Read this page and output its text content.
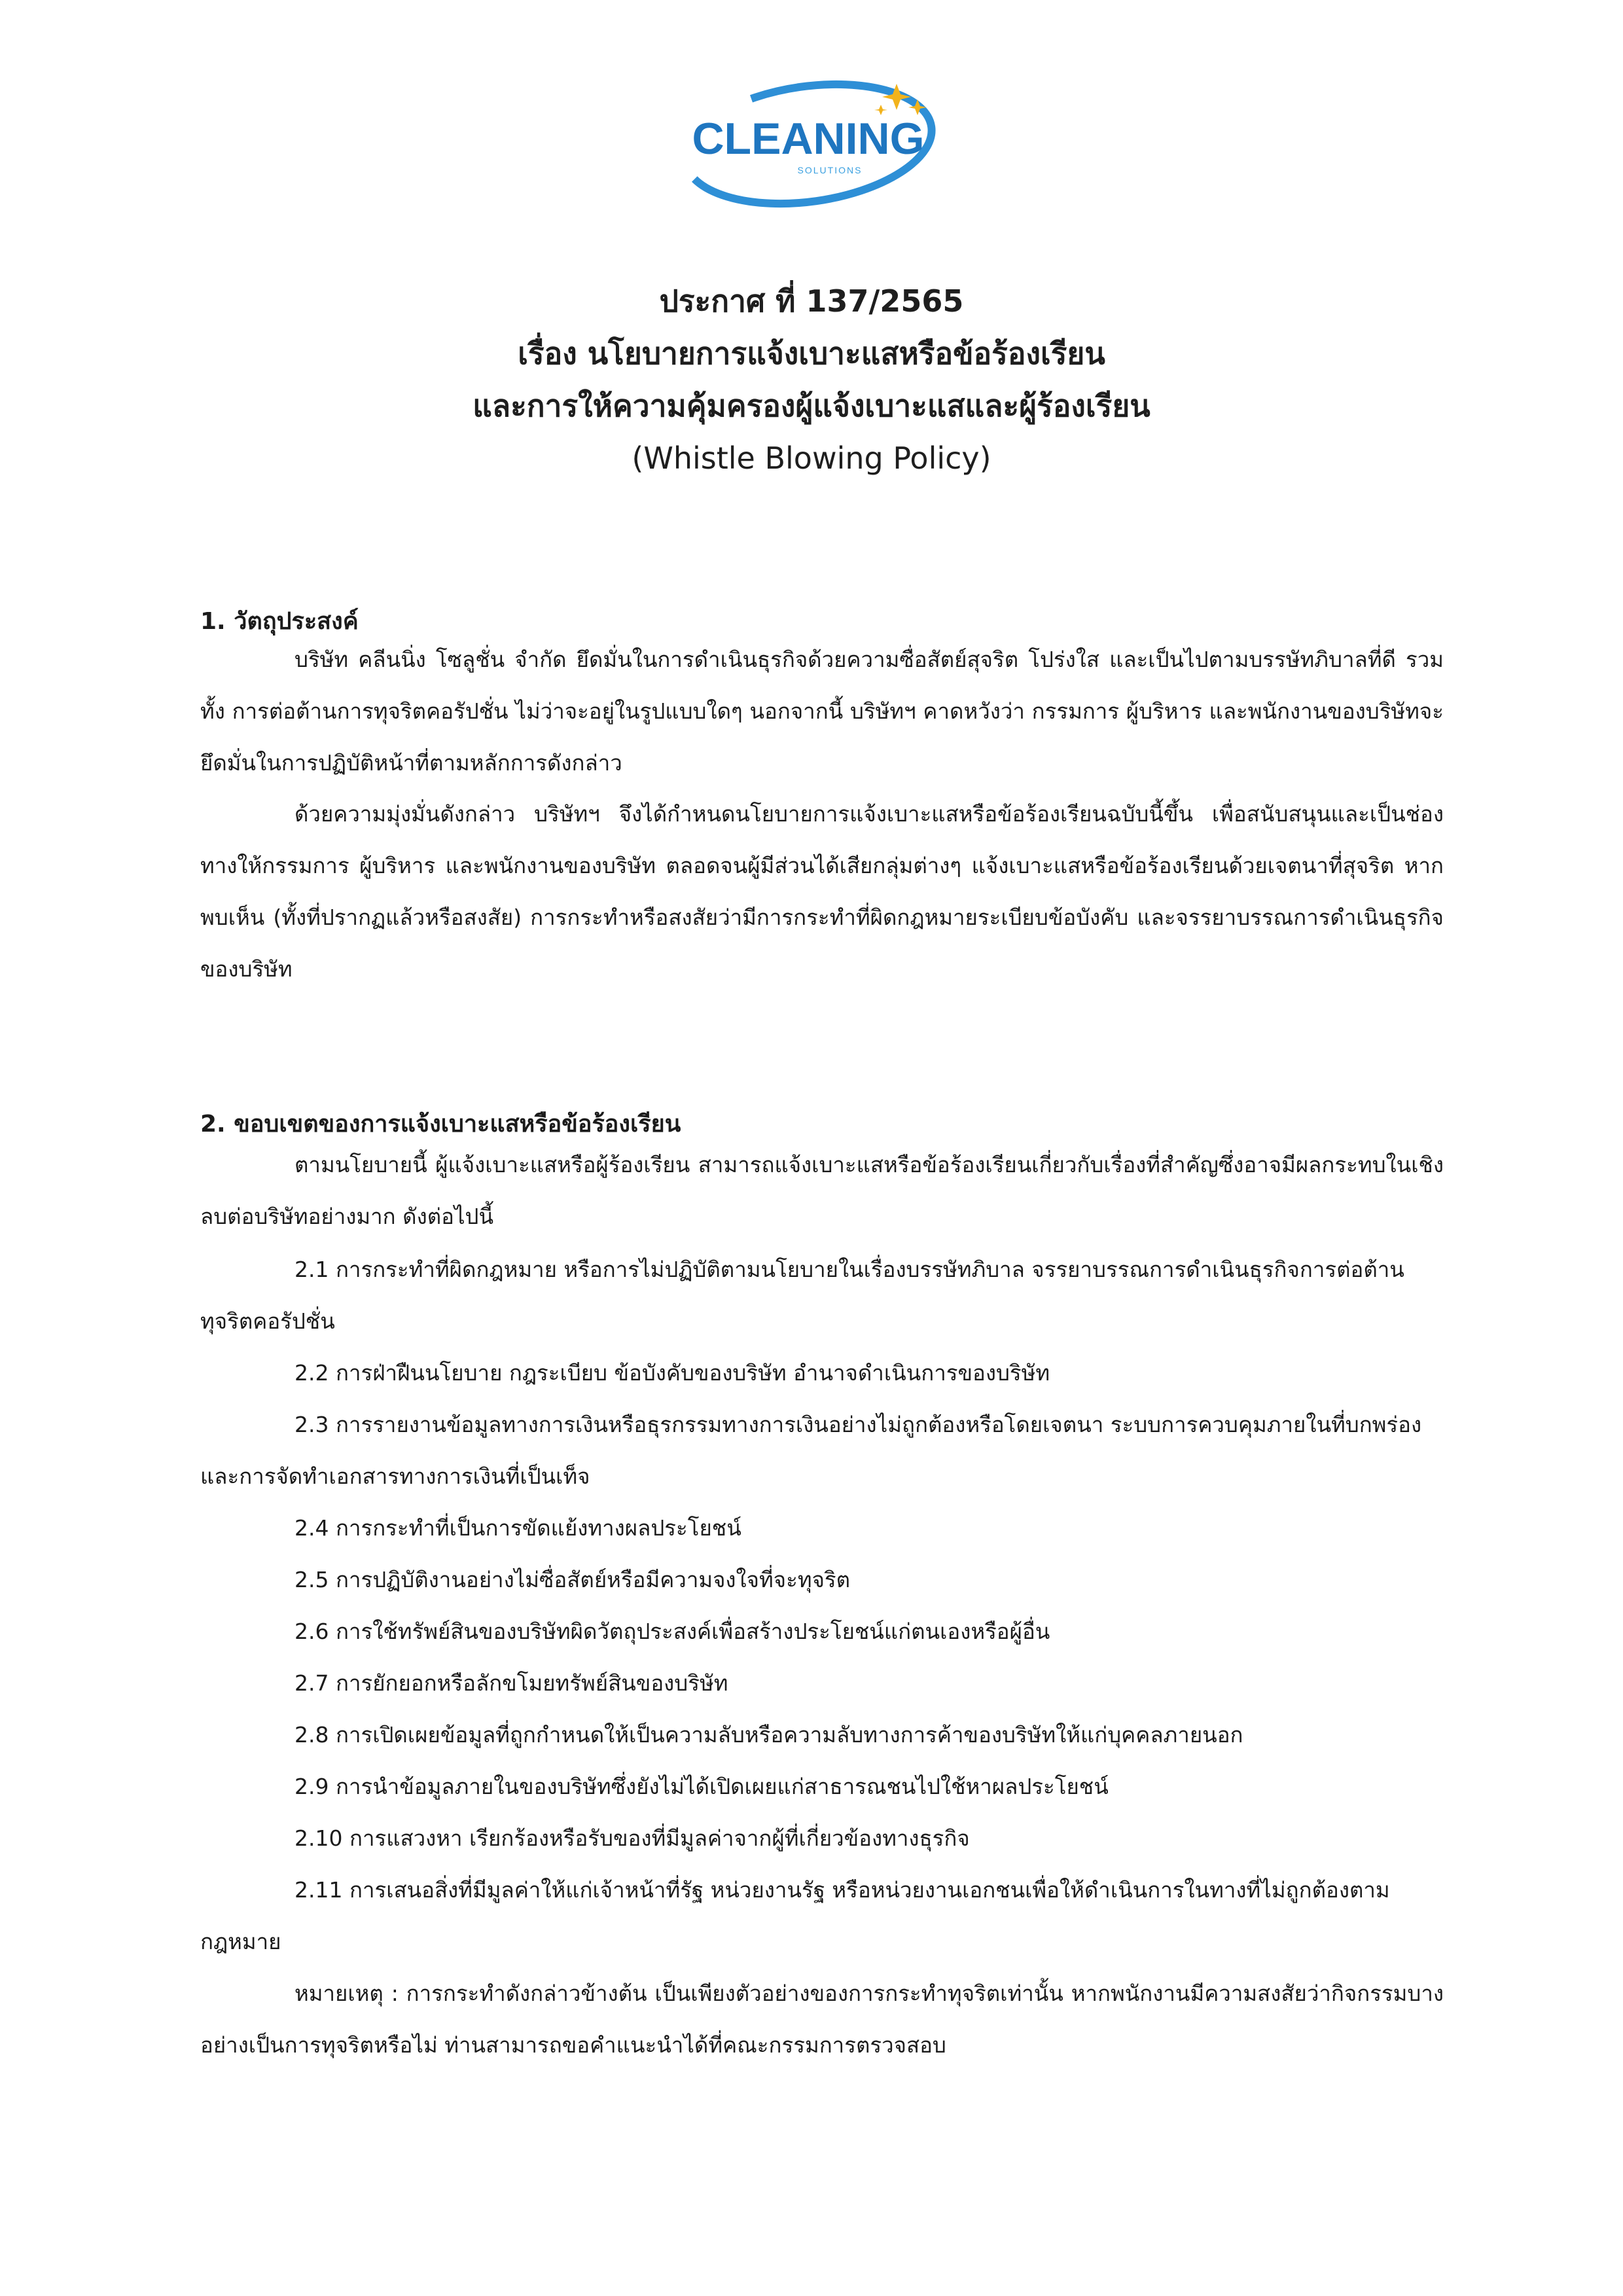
CLEANING
SOLUTIONS
ประกาศ ที่ 137/2565
เรื่อง นโยบายการแจ้งเบาะแสหรือข้อร้องเรียน
และการให้ความคุ้มครองผู้แจ้งเบาะแสและผู้ร้องเรียน
(Whistle Blowing Policy)
1. วัตถุประสงค์
บริษัท คลีนนิ่ง โซลูชั่น จำกัด ยึดมั่นในการดำเนินธุรกิจด้วยความซื่อสัตย์สุจริต โปร่งใส และเป็นไปตามบรรษัทภิบาลที่ดี รวมทั้ง การต่อต้านการทุจริตคอรัปชั่น ไม่ว่าจะอยู่ในรูปแบบใดๆ นอกจากนี้ บริษัทฯ คาดหวังว่า กรรมการ ผู้บริหาร และพนักงานของบริษัทจะยึดมั่นในการปฏิบัติหน้าที่ตามหลักการดังกล่าว
ด้วยความมุ่งมั่นดังกล่าว บริษัทฯ จึงได้กำหนดนโยบายการแจ้งเบาะแสหรือข้อร้องเรียนฉบับนี้ขึ้น เพื่อสนับสนุนและเป็นช่องทางให้กรรมการ ผู้บริหาร และพนักงานของบริษัท ตลอดจนผู้มีส่วนได้เสียกลุ่มต่างๆ แจ้งเบาะแสหรือข้อร้องเรียนด้วยเจตนาที่สุจริต หากพบเห็น (ทั้งที่ปรากฏแล้วหรือสงสัย) การกระทำหรือสงสัยว่ามีการกระทำที่ผิดกฎหมายระเบียบข้อบังคับ และจรรยาบรรณการดำเนินธุรกิจของบริษัท
2. ขอบเขตของการแจ้งเบาะแสหรือข้อร้องเรียน
ตามนโยบายนี้ ผู้แจ้งเบาะแสหรือผู้ร้องเรียน สามารถแจ้งเบาะแสหรือข้อร้องเรียนเกี่ยวกับเรื่องที่สำคัญซึ่งอาจมีผลกระทบในเชิงลบต่อบริษัทอย่างมาก ดังต่อไปนี้
2.1 การกระทำที่ผิดกฎหมาย หรือการไม่ปฏิบัติตามนโยบายในเรื่องบรรษัทภิบาล จรรยาบรรณการดำเนินธุรกิจการต่อต้านทุจริตคอรัปชั่น
2.2 การฝ่าฝืนนโยบาย กฎระเบียบ ข้อบังคับของบริษัท อำนาจดำเนินการของบริษัท
2.3 การรายงานข้อมูลทางการเงินหรือธุรกรรมทางการเงินอย่างไม่ถูกต้องหรือโดยเจตนา ระบบการควบคุมภายในที่บกพร่อง และการจัดทำเอกสารทางการเงินที่เป็นเท็จ
2.4 การกระทำที่เป็นการขัดแย้งทางผลประโยชน์
2.5 การปฏิบัติงานอย่างไม่ซื่อสัตย์หรือมีความจงใจที่จะทุจริต
2.6 การใช้ทรัพย์สินของบริษัทผิดวัตถุประสงค์เพื่อสร้างประโยชน์แก่ตนเองหรือผู้อื่น
2.7 การยักยอกหรือลักขโมยทรัพย์สินของบริษัท
2.8 การเปิดเผยข้อมูลที่ถูกกำหนดให้เป็นความลับหรือความลับทางการค้าของบริษัทให้แก่บุคคลภายนอก
2.9 การนำข้อมูลภายในของบริษัทซึ่งยังไม่ได้เปิดเผยแก่สาธารณชนไปใช้หาผลประโยชน์
2.10 การแสวงหา เรียกร้องหรือรับของที่มีมูลค่าจากผู้ที่เกี่ยวข้องทางธุรกิจ
2.11 การเสนอสิ่งที่มีมูลค่าให้แก่เจ้าหน้าที่รัฐ หน่วยงานรัฐ หรือหน่วยงานเอกชนเพื่อให้ดำเนินการในทางที่ไม่ถูกต้องตามกฎหมาย
หมายเหตุ : การกระทำดังกล่าวข้างต้น เป็นเพียงตัวอย่างของการกระทำทุจริตเท่านั้น หากพนักงานมีความสงสัยว่ากิจกรรมบางอย่างเป็นการทุจริตหรือไม่ ท่านสามารถขอคำแนะนำได้ที่คณะกรรมการตรวจสอบ
